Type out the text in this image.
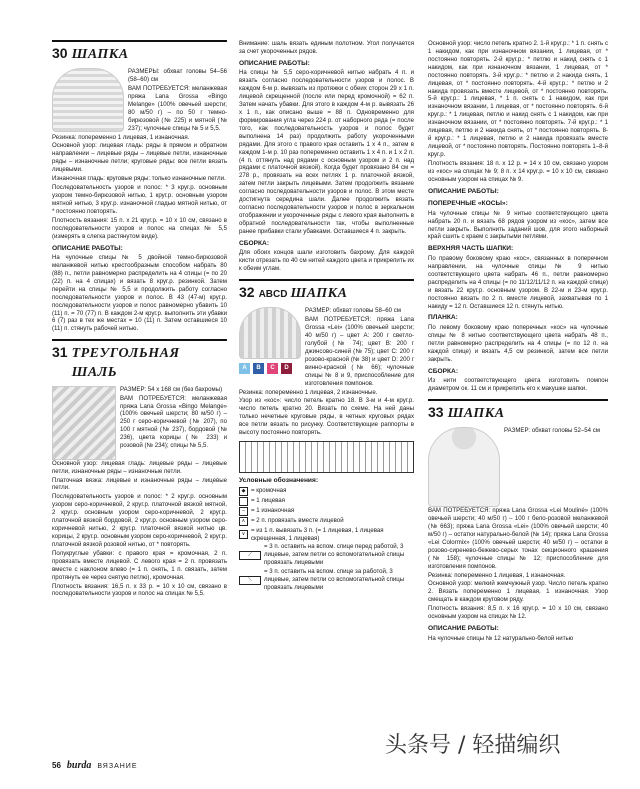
30 ШАПКА

РАЗМЕРЫ: обхват головы 54–56 (58–60) см

ВАМ ПОТРЕБУЕТСЯ: меланжевая пряжа Lana Grossa «Bingo Melange» (100% овечьей шерсти; 80 м/50 г) – по 50 г темно-бирюзовой (№ 225) и мятной (№ 237); чулочные спицы № 5 и 5,5.

Резинка: попеременно 1 лицевая, 1 изнаночная.

Основной узор: лицевая гладь: ряды в прямом и обратном направлении – лицевые ряды – лицевые петли, изнаночные ряды – изнаночные петли; круговые ряды: все петли вязать лицевыми.

Изнаночная гладь: круговые ряды: только изнаночные петли.

Последовательность узоров и полос: * 3 круг.р. основным узором темно-бирюзовой нитью, 1 круг.р. основным узором мятной нитью, 3 круг.р. изнаночной гладью мятной нитью, от * постоянно повторять.

Плотность вязания: 15 п. x 21 круг.р. = 10 x 10 см, связано в последовательности узоров и полос на спицах № 5,5 (измерять в слегка растянутом виде).

ОПИСАНИЕ РАБОТЫ:

На чулочные спицы № 5 двойной темно-бирюзовой меланжевой нитью крестообразным способом набрать 80 (88) п., петли равномерно распределить на 4 спицы (= по 20 (22) п. на 4 спицах) и вязать 8 круг.р. резинкой. Затем перейти на спицы № 5,5 и продолжить работу согласно последовательности узоров и полос. В 43 (47-м) круг.р. последовательности узоров и полос равномерно убавить 10 (11) п. = 70 (77) п. В каждом 2-м круг.р. выполнить эти убавки 6 (7) раз в тех же местах = 10 (11) п. Затем оставшиеся 10 (11) п. стянуть рабочей нитью.

31 ТРЕУГОЛЬНАЯ ШАЛЬ

РАЗМЕР: 54 x 168 см (без бахромы)

ВАМ ПОТРЕБУЕТСЯ: меланжевая пряжа Lana Grossa «Bingo Melange» (100% овечьей шерсти; 80 м/50 г) – 250 г серо-коричневой (№ 207), по 100 г мятной (№ 237), бордовой (№ 236), цвета корицы (№ 233) и розовой (№ 234); спицы № 5,5.

Основной узор: лицевая гладь: лицевые ряды – лицевые петли, изнаночные ряды – изнаночные петли.

Платочная вязка: лицевые и изнаночные ряды – лицевые петли.

Последовательность узоров и полос: * 2 круг.р. основным узором серо-коричневой, 2 круг.р. платочной вязкой мятной, 2 круг.р. основным узором серо-коричневой, 2 круг.р. платочной вязкой бордовой, 2 круг.р. основным узором серо-коричневой нитью, 2 круг.р. платочной вязкой нитью цв. корицы, 2 круг.р. основным узором серо-коричневой, 2 круг.р. платочной вязкой розовой нитью, от * повторять.

Полукруглые убавки: с правого края = кромочная, 2 п. провязать вместе лицевой. С левого края = 2 п. провязать вместе с наклоном влево (= 1 п. снять, 1 п. связать, затем протянуть ее через снятую петлю), кромочная.

Плотность вязания: 16,5 п. x 33 р. = 10 x 10 см, связано в последовательности узоров и полос на спицах № 5,5.

Внимание: шаль вязать единым полотном. Угол получается за счет укороченных рядов.

ОПИСАНИЕ РАБОТЫ:

На спицы № 5,5 серо-коричневой нитью набрать 4 п. и вязать согласно последовательности узоров и полос. В каждом 6-м р. вывязать из протяжки с обеих сторон 29 x 1 п. лицевой скрещенной (после или перед кромочной) = 62 п. Затем начать убавки. Для этого в каждом 4-м р. вывязать 26 x 1 п., как описано выше = 88 п. Одновременно для формирования угла через 224 р. от наборного ряда (= после того, как последовательность узоров и полос будет выполнена 14 раз) продолжить работу укороченными рядами. Для этого с правого края оставить 1 x 4 п., затем в каждом 1-м р. 10 раз попеременно оставить 1 x 4 п. и 1 x 2 п. (4 п. оттянуть над рядами с основным узором и 2 п. над рядами с платочной вязкой). Когда будет провязано 84 см = 278 р., провязать на всех петлях 1 р. платочной вязкой, затем петли закрыть лицевыми. Затем продолжить вязание согласно последовательности узоров и полос. В этом месте достигнута середина шали. Далее продолжить вязать согласно последовательности узоров и полос в зеркальном отображении и укороченные ряды с левого края выполнить в обратной последовательности так, чтобы выполненные ранее прибавки стали убавками. Оставшиеся 4 п. закрыть.

СБОРКА:

Для обоих концов шали изготовить бахрому. Для каждой кисти отрезать по 40 см нитей каждого цвета и прикрепить их к обеим углам.

32 ABCD ШАПКА
A	B	C	D

РАЗМЕР: обхват головы 58–60 см

ВАМ ПОТРЕБУЕТСЯ: пряжа Lana Grossa «Lei» (100% овечьей шерсти; 40 м/50 г) – цвет A: 200 г светло-голубой (№ 74); цвет B: 200 г джинсово-синей (№ 75); цвет C: 200 г розово-красной (№ 38) и цвет D: 200 г винно-красной (№ 66); чулочные спицы № 8 и 9, приспособление для изготовления помпонов.

Резинка: попеременно 1 лицевая, 2 изнаночные.

Узор из «кос»: число петель кратно 18. В 3-м и 4-м круг.р. число петель кратно 20. Вязать по схеме. На ней даны только нечетные круговые ряды, в четных круговых рядах все петли вязать по рисунку. Соответствующие раппорты в высоту постоянно повторять.

Условные обозначения:
◆ = кромочная
= 1 лицевая
–	= 1 изнаночная
∧ = 2 п. провязать вместе лицевой
∨
= из 1 п. вывязать 3 п. (= 1 лицевая, 1 лицевая скрещенная, 1 лицевая)
⟋
= 3 п. оставить на вспом. спице перед работой, 3 лицевые, затем петли со вспомогательной спицы провязать лицевыми
⟍
= 3 п. оставить на вспом. спице за работой, 3 лицевые, затем петли со вспомогательной спицы провязать лицевыми

Основной узор: число петель кратно 2. 1-й круг.р.: * 1 п. снять с 1 накидом, как при изнаночном вязании, 1 лицевая, от * постоянно повторять. 2-й круг.р.: * петлю и накид снять с 1 накидом, как при изнаночном вязании, 1 лицевая, от * постоянно повторять. 3-й круг.р.: * петлю и 2 накида снять, 1 лицевая, от * постоянно повторять. 4-й круг.р.: * петлю и 2 накида провязать вместе лицевой, от * постоянно повторять. 5-й круг.р.: 1 лицевая, * 1 п. снять с 1 накидом, как при изнаночном вязании, 1 лицевая, от * постоянно повторять. 6-й круг.р.: * 1 лицевая, петлю и накид снять с 1 накидом, как при изнаночном вязании, от * постоянно повторять. 7-й круг.р.: * 1 лицевая, петлю и 2 накида снять, от * постоянно повторять. 8-й круг.р.: * 1 лицевая, петлю и 2 накида провязать вместе лицевой, от * постоянно повторять. Постоянно повторять 1–8-й круг.р.

Плотность вязания: 18 п. x 12 р. = 14 x 10 см, связано узором из «кос» на спицах № 9; 8 п. x 14 круг.р. = 10 x 10 см, связано основным узором на спицах № 9.

ОПИСАНИЕ РАБОТЫ:
ПОПЕРЕЧНЫЕ «КОСЫ»:

На чулочные спицы № 9 нитью соответствующего цвета набрать 20 п. и вязать 68 рядов узором из «кос», затем все петли закрыть. Выполнить заданий шов, для этого наборный край сшить с краем с закрытыми петлями.

ВЕРХНЯЯ ЧАСТЬ ШАПКИ:

По правому боковому краю «кос», связанных в поперечном направлении, на чулочные спицы № 9 нитью соответствующего цвета набрать 46 п., петли равномерно распределить на 4 спицы (= по 11/12/11/12 п. на каждой спице) и вязать 22 круг.р. основным узором. В 22-м и 23-м круг.р. постоянно вязать по 2 п. вместе лицевой, захватывая по 1 накиду = 12 п. Оставшиеся 12 п. стянуть нитью.

ПЛАНКА:

По левому боковому краю поперечных «кос» на чулочные спицы № 8 нитью соответствующего цвета набрать 48 п., петли равномерно распределить на 4 спицы (= по 12 п. на каждой спице) и вязать 4,5 см резинкой, затем все петли закрыть.

СБОРКА:

Из нити соответствующего цвета изготовить помпон диаметром ок. 11 см и прикрепить его к макушке шапки.

33 ШАПКА

РАЗМЕР: обхват головы 52–54 см

ВАМ ПОТРЕБУЕТСЯ: пряжа Lana Grossa «Lei Mouliné» (100% овечьей шерсти; 40 м/50 г) – 100 г бело-розовой меланжевой (№ 663); пряжа Lana Grossa «Lei» (100% овечьей шерсти; 40 м/50 г) – остатки натурально-белой (№ 14); пряжа Lana Grossa «Lei Colormix» (100% овечьей шерсти; 40 м/50 г) – остатки в розово-сиренево-бежево-серых тонах секционного крашения (№ 158); чулочные спицы № 12; приспособление для изготовления помпонов.

Резинка: попеременно 1 лицевая, 1 изнаночная.

Основной узор: мелкий жемчужный узор. Число петель кратно 2. Вязать попеременно 1 лицевая, 1 изнаночная. Узор смещать в каждом круговом ряду.

Плотность вязания: 8,5 п. x 16 круг.р. = 10 x 10 см, связано основным узором на спицах № 12.

ОПИСАНИЕ РАБОТЫ:

На чулочные спицы № 12 натурально-белой нитью

56 burda ВЯЗАНИЕ
头条号 / 轻描编织
